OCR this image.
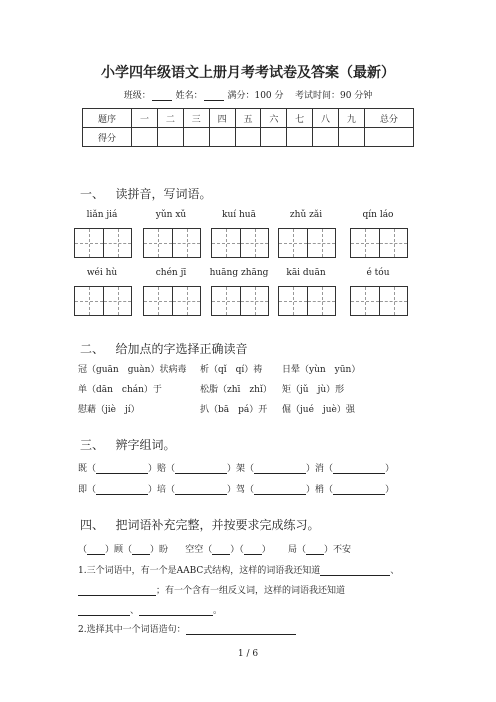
小学四年级语文上册月考考试卷及答案（最新）
班级：	姓名：	满分：100 分 考试时间：90 分钟
题序	一	二	三	四	五	六	七	八	九	总分
得分										
一、 读拼音，写词语。
liǎn jiá	yǔn xǔ	kuí huā	zhǔ zǎi	qín láo
wéi hù	chén jī	huāng zhāng	kāi duān	é tóu
二、 给加点的字选择正确读音
冠（guān　guàn）状病毒 析（qǐ　qí）祷 日晕（yùn　yūn）
单（dān　chán）于	松脂（zhī　zhǐ） 矩（jǔ　jù）形
慰藉（jiè　jí）	扒（bā　pá）开 倔（jué　juè）强
三、 辨字组词。
既（	）赔（	）架（	）消（	）
即（	）培（	）驾（	）梢（	）
四、 把词语补充完整，并按要求完成练习。
（ ）顾（ ）盼 空空（ ）（ ） 局（ ）不安
1.三个词语中，有一个是AABC式结构，这样的词语我还知道	、
；有一个含有一组反义词，这样的词语我还知道
、	。
2.选择其中一个词语造句：
1 / 6
